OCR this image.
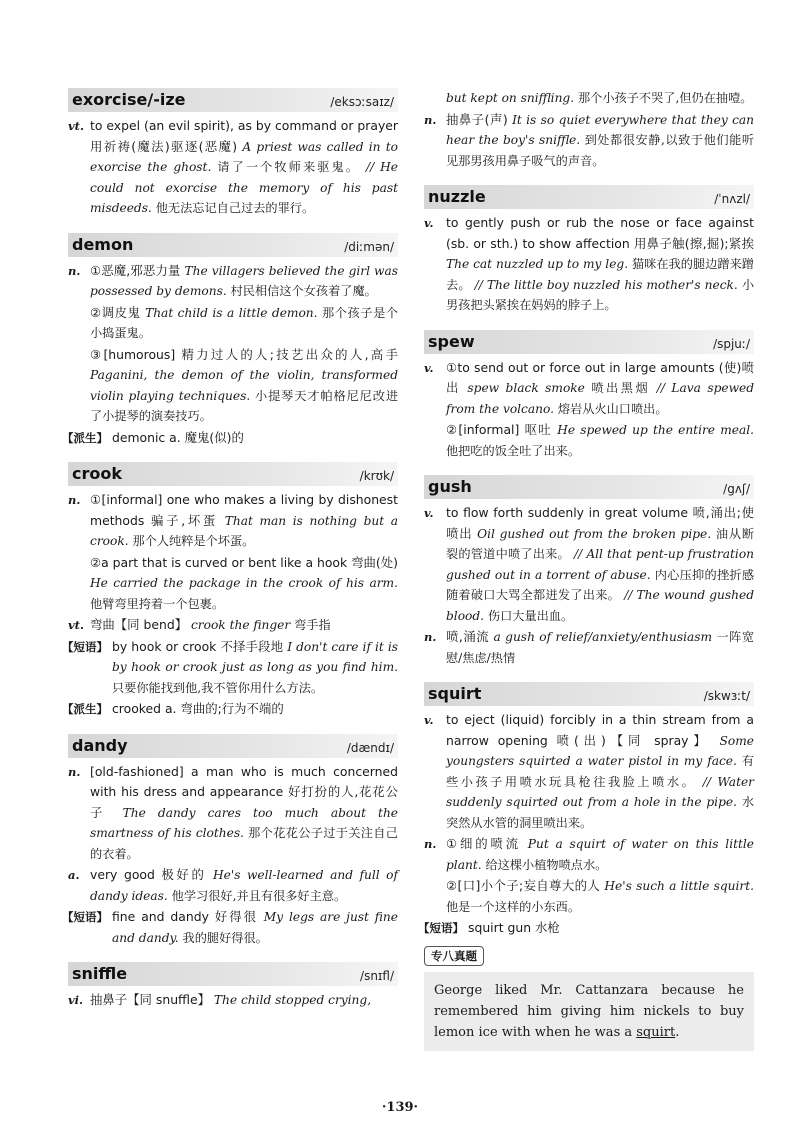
exorcise/-ize	/eksɔːsaɪz/
vt. to expel (an evil spirit), as by command or prayer 用祈祷(魔法)驱逐(恶魔) A priest was called in to exorcise the ghost. 请了一个牧师来驱鬼。 // He could not exorcise the memory of his past misdeeds. 他无法忘记自己过去的罪行。
demon	/diːmən/
n. ①恶魔,邪恶力量 The villagers believed the girl was possessed by demons. 村民相信这个女孩着了魔。
②调皮鬼 That child is a little demon. 那个孩子是个小捣蛋鬼。
③[humorous] 精力过人的人;技艺出众的人,高手 Paganini, the demon of the violin, transformed violin playing techniques. 小提琴天才帕格尼尼改进了小提琴的演奏技巧。
【派生】 demonic a. 魔鬼(似)的
crook	/krʊk/
n. ①[informal] one who makes a living by dishonest methods 骗子,坏蛋 That man is nothing but a crook. 那个人纯粹是个坏蛋。
②a part that is curved or bent like a hook 弯曲(处) He carried the package in the crook of his arm. 他臂弯里挎着一个包裹。
vt. 弯曲【同 bend】 crook the finger 弯手指
【短语】 by hook or crook 不择手段地 I don't care if it is by hook or crook just as long as you find him. 只要你能找到他,我不管你用什么方法。
【派生】 crooked a. 弯曲的;行为不端的
dandy	/dændɪ/
n. [old-fashioned] a man who is much concerned with his dress and appearance 好打扮的人,花花公子 The dandy cares too much about the smartness of his clothes. 那个花花公子过于关注自己的衣着。
a. very good 极好的 He's well-learned and full of dandy ideas. 他学习很好,并且有很多好主意。
【短语】 fine and dandy 好得很 My legs are just fine and dandy. 我的腿好得很。
sniffle	/snɪfl/
vi. 抽鼻子【同 snuffle】 The child stopped crying,
but kept on sniffling. 那个小孩子不哭了,但仍在抽噎。
n. 抽鼻子(声) It is so quiet everywhere that they can hear the boy's sniffle. 到处都很安静,以致于他们能听见那男孩用鼻子吸气的声音。
nuzzle	/ˈnʌzl/
v.	to gently push or rub the nose or face against (sb. or sth.) to show affection 用鼻子触(擦,掘);紧挨 The cat nuzzled up to my leg. 猫咪在我的腿边蹭来蹭去。 // The little boy nuzzled his mother's neck. 小男孩把头紧挨在妈妈的脖子上。
spew	/spjuː/
v.	①to send out or force out in large amounts (使)喷出 spew black smoke 喷出黑烟 // Lava spewed from the volcano. 熔岩从火山口喷出。
②[informal] 呕吐 He spewed up the entire meal. 他把吃的饭全吐了出来。
gush	/gʌʃ/
v.	to flow forth suddenly in great volume 喷,涌出;使喷出 Oil gushed out from the broken pipe. 油从断裂的管道中喷了出来。 // All that pent-up frustration gushed out in a torrent of abuse. 内心压抑的挫折感随着破口大骂全都迸发了出来。 // The wound gushed blood. 伤口大量出血。
n. 喷,涌流 a gush of relief/anxiety/enthusiasm 一阵宽慰/焦虑/热情
squirt	/skwɜːt/
v.	to eject (liquid) forcibly in a thin stream from a narrow opening 喷(出)【同 spray】 Some youngsters squirted a water pistol in my face. 有些小孩子用喷水玩具枪往我脸上喷水。 // Water suddenly squirted out from a hole in the pipe. 水突然从水管的洞里喷出来。
n. ①细的喷流 Put a squirt of water on this little plant. 给这棵小植物喷点水。
②[口]小个子;妄自尊大的人 He's such a little squirt. 他是一个这样的小东西。
【短语】 squirt gun 水枪
专八真题
George liked Mr. Cattanzara because he remembered him giving him nickels to buy lemon ice with when he was a squirt.
·139·
